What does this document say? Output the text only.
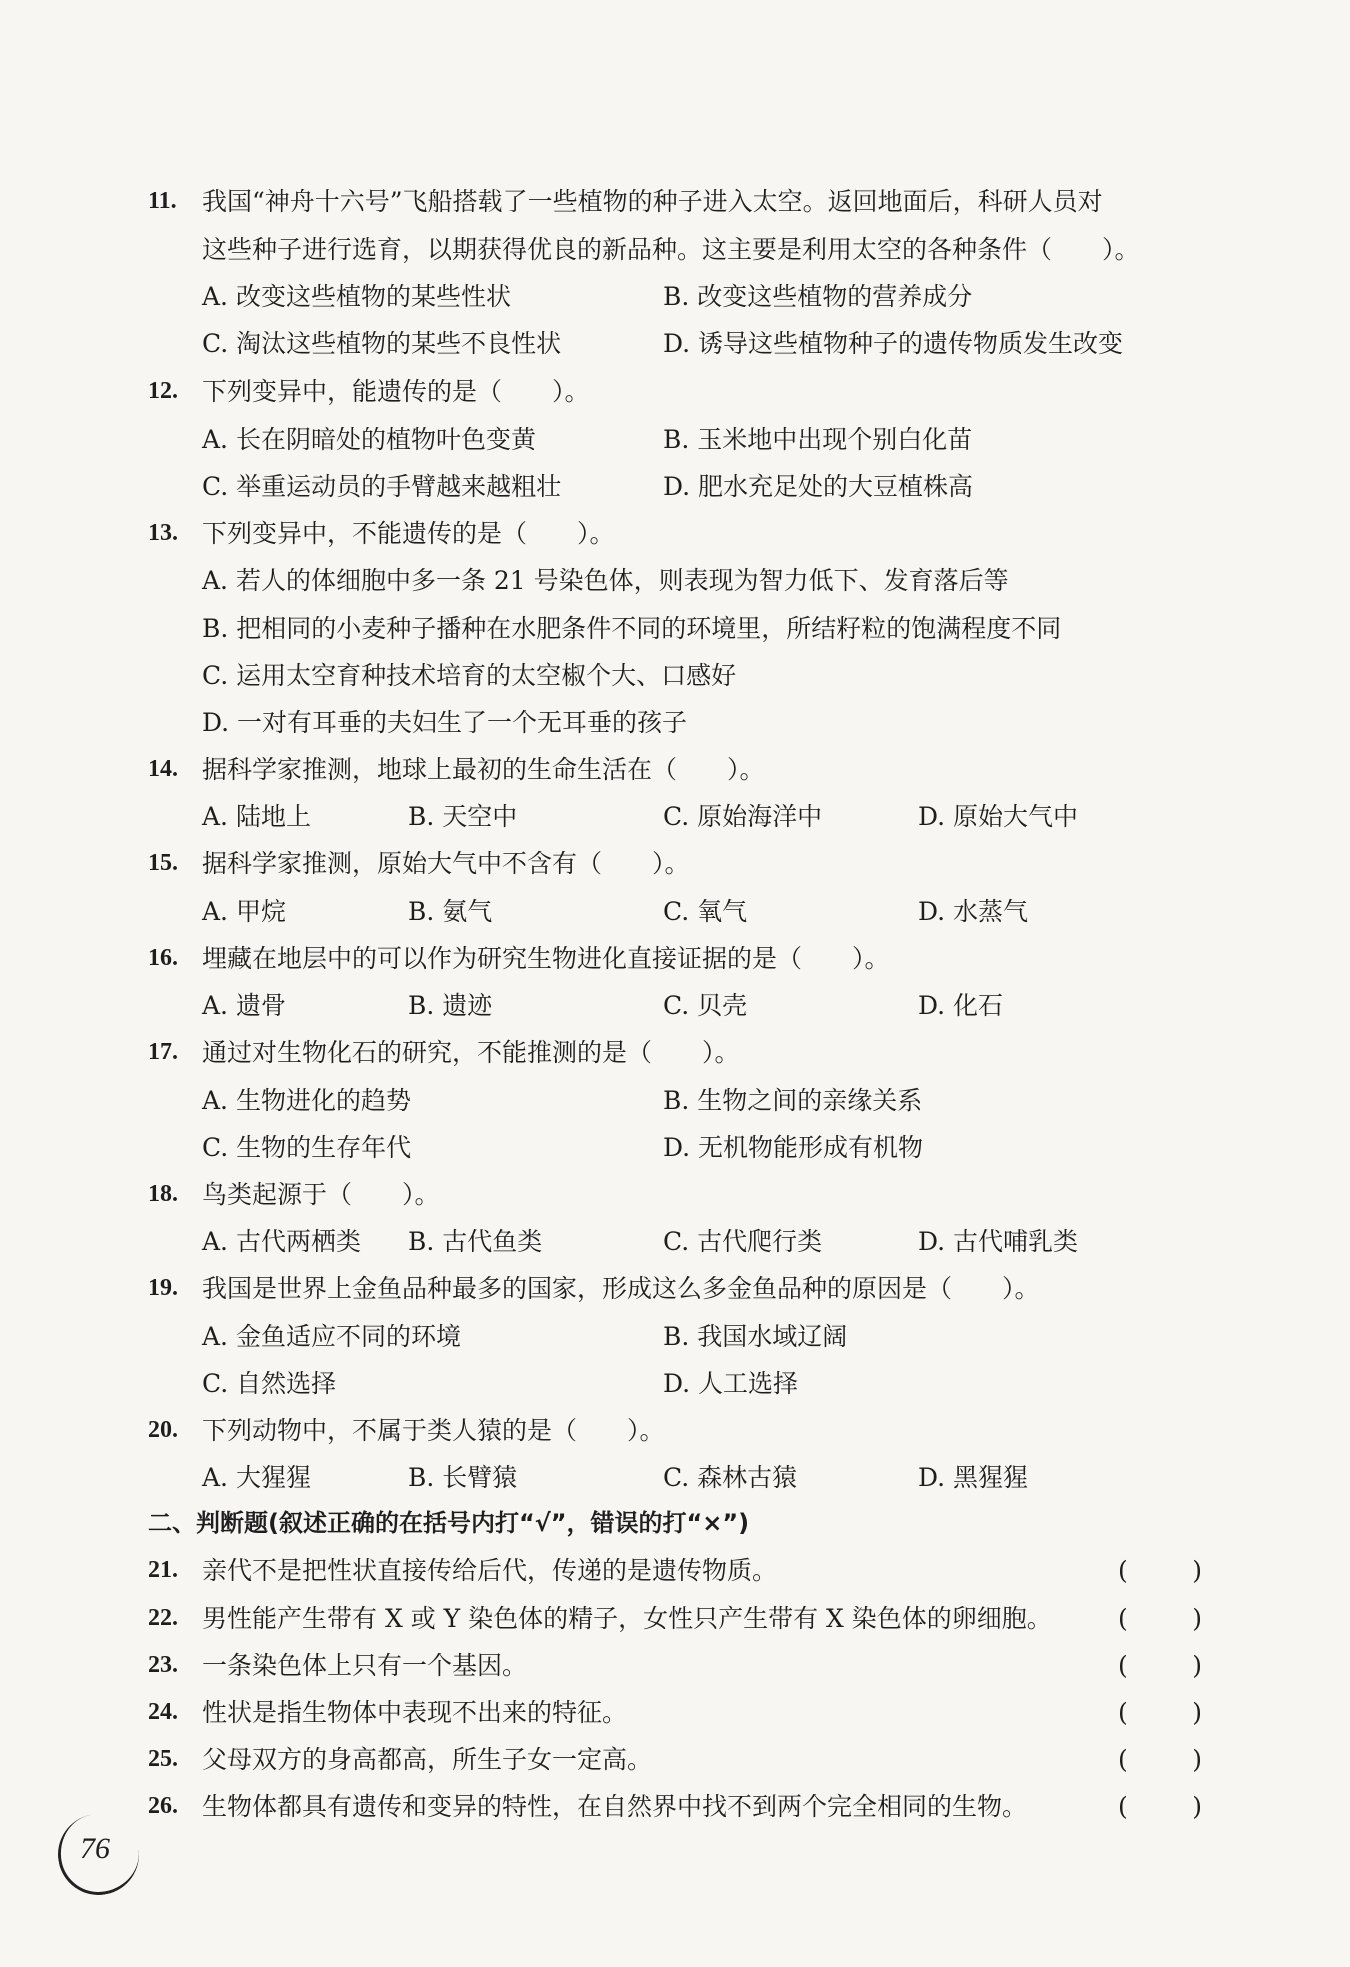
11. 我国“神舟十六号”飞船搭载了一些植物的种子进入太空。返回地面后，科研人员对
这些种子进行选育，以期获得优良的新品种。这主要是利用太空的各种条件（　　）。
A. 改变这些植物的某些性状	B. 改变这些植物的营养成分
C. 淘汰这些植物的某些不良性状	D. 诱导这些植物种子的遗传物质发生改变
12. 下列变异中，能遗传的是（　　）。
A. 长在阴暗处的植物叶色变黄	B. 玉米地中出现个别白化苗
C. 举重运动员的手臂越来越粗壮	D. 肥水充足处的大豆植株高
13. 下列变异中，不能遗传的是（　　）。
A. 若人的体细胞中多一条 21 号染色体，则表现为智力低下、发育落后等
B. 把相同的小麦种子播种在水肥条件不同的环境里，所结籽粒的饱满程度不同
C. 运用太空育种技术培育的太空椒个大、口感好
D. 一对有耳垂的夫妇生了一个无耳垂的孩子
14. 据科学家推测，地球上最初的生命生活在（　　）。
A. 陆地上	B. 天空中	C. 原始海洋中	D. 原始大气中
15. 据科学家推测，原始大气中不含有（　　）。
A. 甲烷	B. 氨气	C. 氧气	D. 水蒸气
16. 埋藏在地层中的可以作为研究生物进化直接证据的是（　　）。
A. 遗骨	B. 遗迹	C. 贝壳	D. 化石
17. 通过对生物化石的研究，不能推测的是（　　）。
A. 生物进化的趋势	B. 生物之间的亲缘关系
C. 生物的生存年代	D. 无机物能形成有机物
18. 鸟类起源于（　　）。
A. 古代两栖类 B. 古代鱼类	C. 古代爬行类	D. 古代哺乳类
19. 我国是世界上金鱼品种最多的国家，形成这么多金鱼品种的原因是（　　）。
A. 金鱼适应不同的环境	B. 我国水域辽阔
C. 自然选择	D. 人工选择
20. 下列动物中，不属于类人猿的是（　　）。
A. 大猩猩	B. 长臂猿	C. 森林古猿	D. 黑猩猩
二、判断题(叙述正确的在括号内打“√”，错误的打“×”)
21. 亲代不是把性状直接传给后代，传递的是遗传物质。	(	)
22. 男性能产生带有 X 或 Y 染色体的精子，女性只产生带有 X 染色体的卵细胞。	(	)
23. 一条染色体上只有一个基因。	(	)
24. 性状是指生物体中表现不出来的特征。	(	)
25. 父母双方的身高都高，所生子女一定高。	(	)
26. 生物体都具有遗传和变异的特性，在自然界中找不到两个完全相同的生物。	(	)
76
